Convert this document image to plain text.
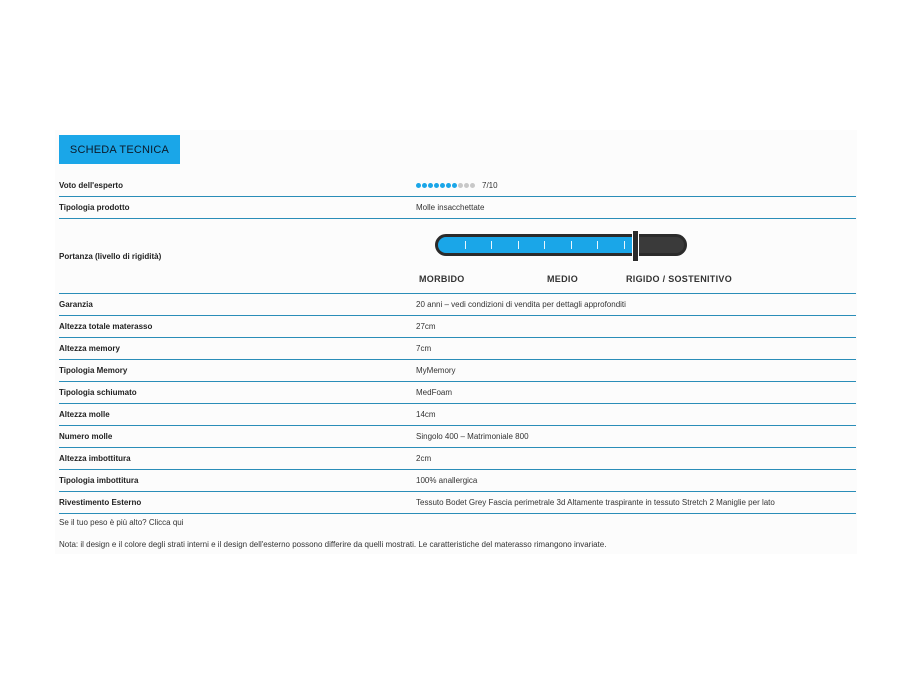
SCHEDA TECNICA
Voto dell'esperto	7/10
Tipologia prodotto	Molle insacchettate
Portanza (livello di rigidità)
MORBIDO	MEDIO	RIGIDO / SOSTENITIVO
Garanzia	20 anni – vedi condizioni di vendita per dettagli approfonditi
Altezza totale materasso	27cm
Altezza memory	7cm
Tipologia Memory	MyMemory
Tipologia schiumato	MedFoam
Altezza molle	14cm
Numero molle	Singolo 400 – Matrimoniale 800
Altezza imbottitura	2cm
Tipologia imbottitura	100% anallergica
Rivestimento Esterno	Tessuto Bodet Grey Fascia perimetrale 3d Altamente traspirante in tessuto Stretch 2 Maniglie per lato
Se il tuo peso è più alto? Clicca qui
Nota: il design e il colore degli strati interni e il design dell'esterno possono differire da quelli mostrati. Le caratteristiche del materasso rimangono invariate.
